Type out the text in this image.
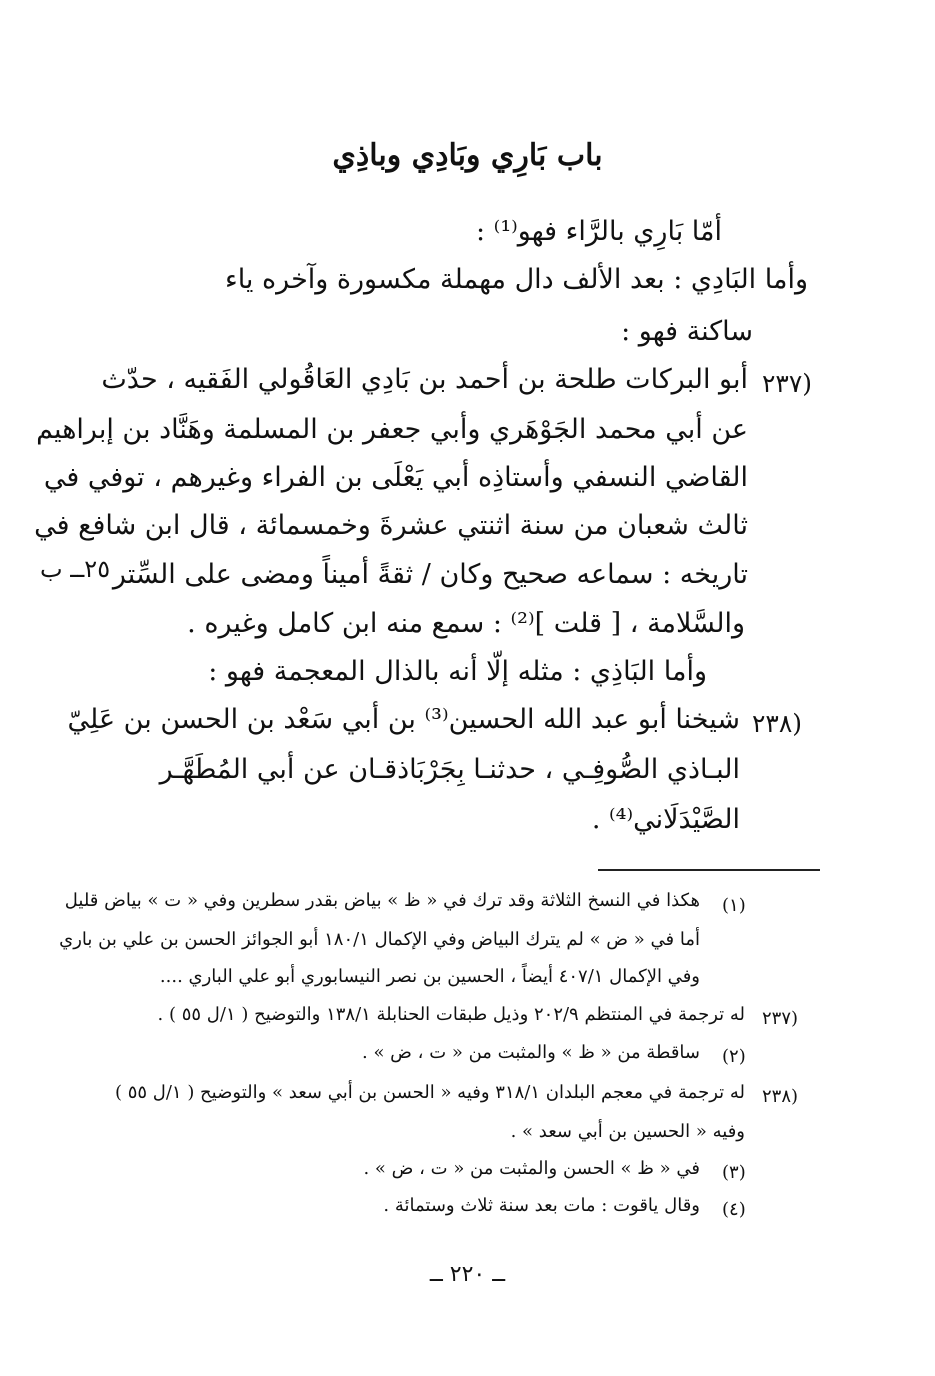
باب بَارِي وبَادِي وباذِي
أمّا بَارِي بالرَّاء فهو⁽¹⁾ :
وأما البَادِي : بعد الألف دال مهملة مكسورة وآخره ياء
ساكنة فهو :
(٢٣٧
أبو البركات طلحة بن أحمد بن بَادِي العَاقُولي الفَقيه ، حدّث
عن أبي محمد الجَوْهَري وأبي جعفر بن المسلمة وهَنَّاد بن إبراهيم
القاضي النسفي وأستاذِه أبي يَعْلَى بن الفراء وغيرهم ، توفي في
ثالث شعبان من سنة اثنتي عشرةَ وخمسمائة ، قال ابن شافع في
تاريخه : سماعه صحيح وكان / ثقةً أميناً ومضى على السِّتر
٢٥ــ ب
والسَّلامة ، [ قلت ]⁽²⁾ : سمع منه ابن كامل وغيره .
وأما البَاذِي : مثله إلّا أنه بالذال المعجمة فهو :
(٢٣٨
شيخنا أبو عبد الله الحسين⁽³⁾ بن أبي سَعْد بن الحسن بن عَلِيّ
البـاذي الصُّوفِـي ، حدثنـا بِجَرْبَاذقـان عن أبي المُطَهَّـر
الصَّيْدَلَاني⁽⁴⁾ .
(١)
هكذا في النسخ الثلاثة وقد ترك في « ظ » بياض بقدر سطرين وفي « ت » بياض قليل
أما في « ض » لم يترك البياض وفي الإكمال ١٨٠/١ أبو الجوائز الحسن بن علي بن باري
وفي الإكمال ٤٠٧/١ أيضاً ، الحسين بن نصر النيسابوري أبو علي الباري ....
(٢٣٧
له ترجمة في المنتظم ٢٠٢/٩ وذيل طبقات الحنابلة ١٣٨/١ والتوضيح ( ١/ل ٥٥ ) .
(٢)
ساقطة من « ظ » والمثبت من « ت ، ض » .
(٢٣٨
له ترجمة في معجم البلدان ٣١٨/١ وفيه « الحسن بن أبي سعد » والتوضيح ( ١/ل ٥٥ )
وفيه « الحسين بن أبي سعد » .
(٣)
في « ظ » الحسن والمثبت من « ت ، ض » .
(٤)
وقال ياقوت : مات بعد سنة ثلاث وستمائة .
ــ ٢٢٠ ــ
